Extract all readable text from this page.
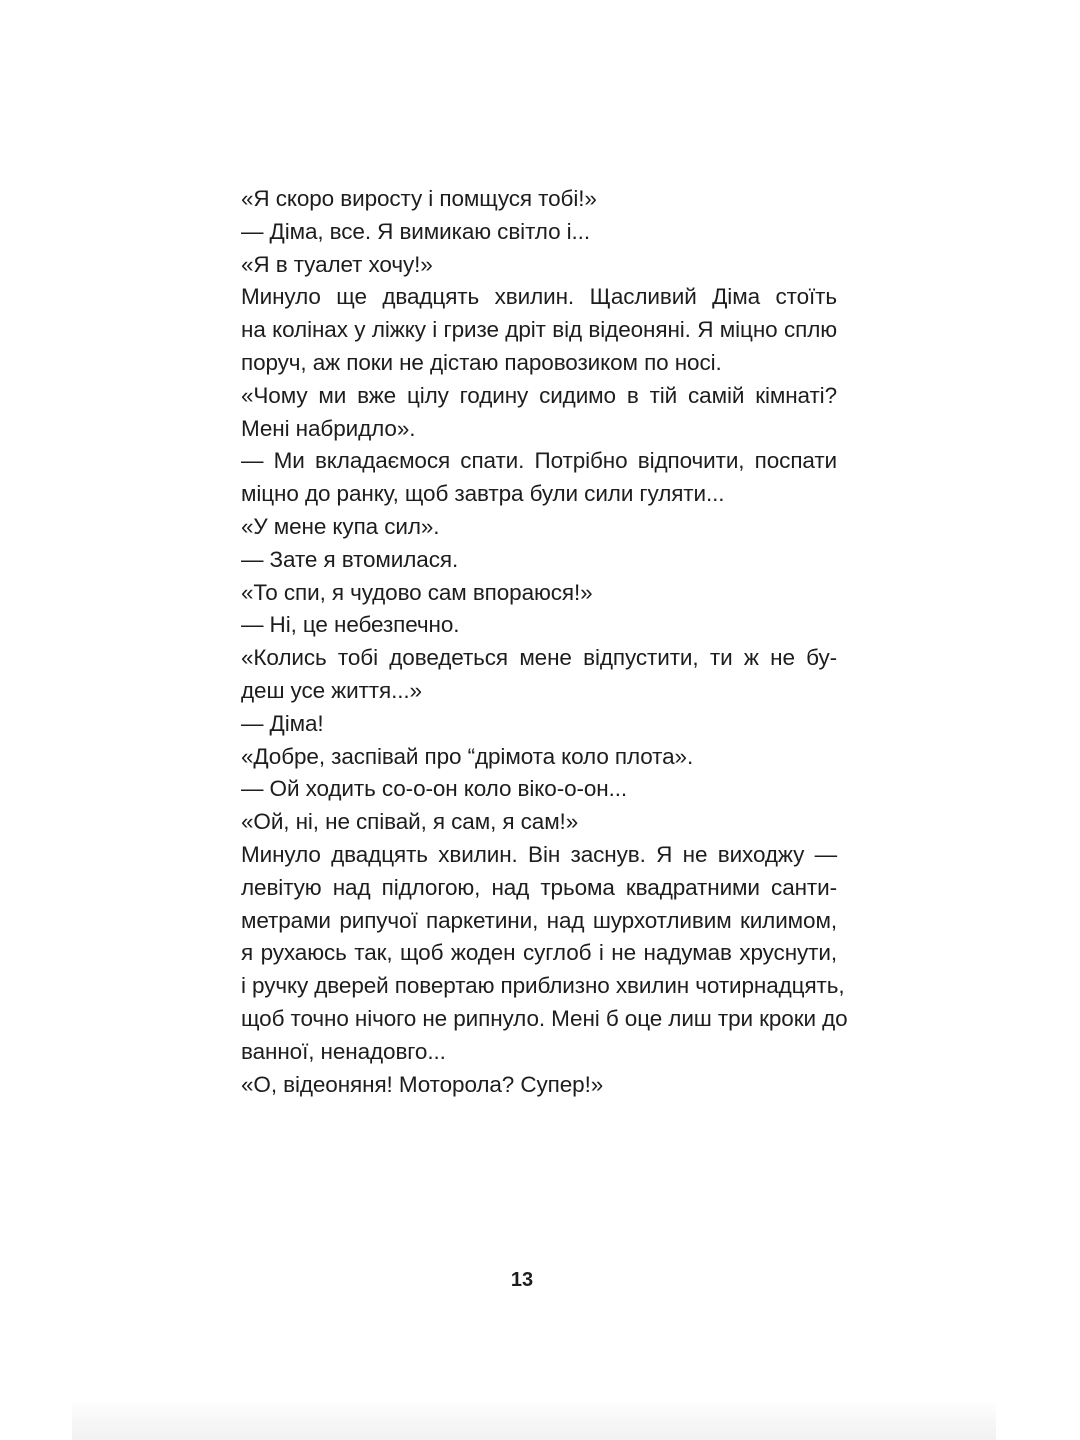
«Я скоро виросту і помщуся тобі!»
— Діма, все. Я вимикаю світло і...
«Я в туалет хочу!»
Минуло ще двадцять хвилин. Щасливий Діма стоїть
на колінах у ліжку і гризе дріт від відеоняні. Я міцно сплю
поруч, аж поки не дістаю паровозиком по носі.
«Чому ми вже цілу годину сидимо в тій самій кімнаті?
Мені набридло».
— Ми вкладаємося спати. Потрібно відпочити, поспати
міцно до ранку, щоб завтра були сили гуляти...
«У мене купа сил».
— Зате я втомилася.
«То спи, я чудово сам впораюся!»
— Ні, це небезпечно.
«Колись тобі доведеться мене відпустити, ти ж не бу-
деш усе життя...»
— Діма!
«Добре, заспівай про “дрімота коло плота».
— Ой ходить со-о-он коло віко-о-он...
«Ой, ні, не співай, я сам, я сам!»
Минуло двадцять хвилин. Він заснув. Я не виходжу —
левітую над підлогою, над трьома квадратними санти-
метрами рипучої паркетини, над шурхотливим килимом,
я рухаюсь так, щоб жоден суглоб і не надумав хруснути,
і ручку дверей повертаю приблизно хвилин чотирнадцять,
щоб точно нічого не рипнуло. Мені б оце лиш три кроки до
ванної, ненадовго...
«О, відеоняня! Моторола? Супер!»
13
